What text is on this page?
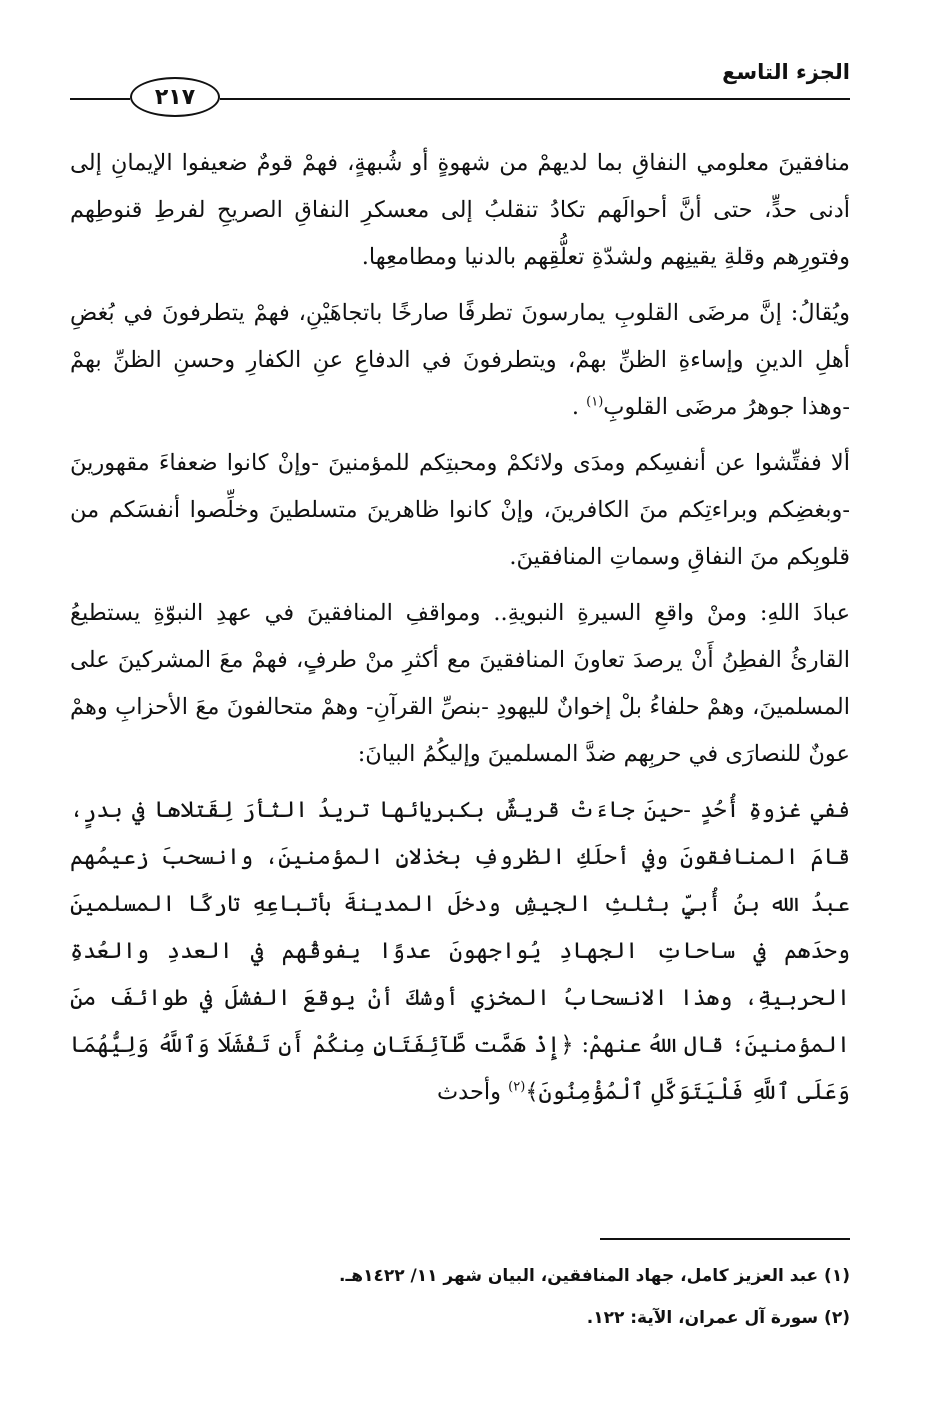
الجزء التاسع
٢١٧

منافقينَ معلومي النفاقِ بما لديهمْ من شهوةٍ أو شُبهةٍ، فهمْ قومٌ ضعيفوا الإيمانِ إلى أدنى حدٍّ، حتى أنَّ أحوالَهم تكادُ تنقلبُ إلى معسكرِ النفاقِ الصريحِ لفرطِ قنوطِهم وفتورِهم وقلةِ يقينِهم ولشدّةِ تعلُّقِهم بالدنيا ومطامعِها.

ويُقالُ: إنَّ مرضَى القلوبِ يمارسونَ تطرفًا صارخًا باتجاهَيْنِ، فهمْ يتطرفونَ في بُغضِ أهلِ الدينِ وإساءةِ الظنِّ بهمْ، ويتطرفونَ في الدفاعِ عنِ الكفارِ وحسنِ الظنِّ بهمْ -وهذا جوهرُ مرضَى القلوبِ$^{(١)}$ .

ألا ففتِّشوا عن أنفسِكم ومدَى ولائكمْ ومحبتِكم للمؤمنينَ -وإنْ كانوا ضعفاءَ مقهورينَ -وبغضِكم وبراءتِكم منَ الكافرينَ، وإنْ كانوا ظاهرينَ متسلطينَ وخلِّصوا أنفسَكم من قلوبِكم منَ النفاقِ وسماتِ المنافقينَ.

عبادَ اللهِ: ومنْ واقعِ السيرةِ النبويةِ.. ومواقفِ المنافقينَ في عهدِ النبوّةِ يستطيعُ القارئُ الفطِنُ أَنْ يرصدَ تعاونَ المنافقينَ مع أكثرِ منْ طرفٍ، فهمْ معَ المشركينَ على المسلمينَ، وهمْ حلفاءُ بلْ إخوانٌ لليهودِ -بنصِّ القرآنِ- وهمْ متحالفونَ معَ الأحزابِ وهمْ عونٌ للنصارَى في حربِهم ضدَّ المسلمينَ وإليكُمُ البيانَ:

ففي غزوةِ أُحُدٍ -حينَ جاءَتْ قريشٌ بكبريائها تريدُ الثأرَ لِقَتلاها في بدرٍ، قامَ المنافقونَ وفي أحلَكِ الظروفِ بخذلانِ المؤمنينَ، وانسحبَ زعيمُهم عبدُ الله بنُ أُبيِّ بثلثِ الجيشِ ودخلَ المدينةَ بأتباعِهِ تاركًا المسلمينَ وحدَهم في ساحاتِ الجهادِ يُواجهونَ عدوًا يفوقُهم في العددِ والعُدةِ الحربيةِ، وهذا الانسحابُ المخزي أوشكَ أنْ يوقعَ الفشلَ في طوائفَ منَ المؤمنينَ؛ قال اللهُ عنهمْ: ﴿إِذْ هَمَّت طَّآئِفَتَانِ مِنكُمْ أَن تَفْشَلَا وَٱللَّهُ وَلِيُّهُمَا وَعَلَى ٱللَّهِ فَلْيَتَوَكَّلِ ٱلْمُؤْمِنُونَ﴾$^{(٢)}$ وأحدث

(١) عبد العزيز كامل، جهاد المنافقين، البيان شهر ١١/ ١٤٢٢هـ.

(٢) سورة آل عمران، الآية: ١٢٢.
